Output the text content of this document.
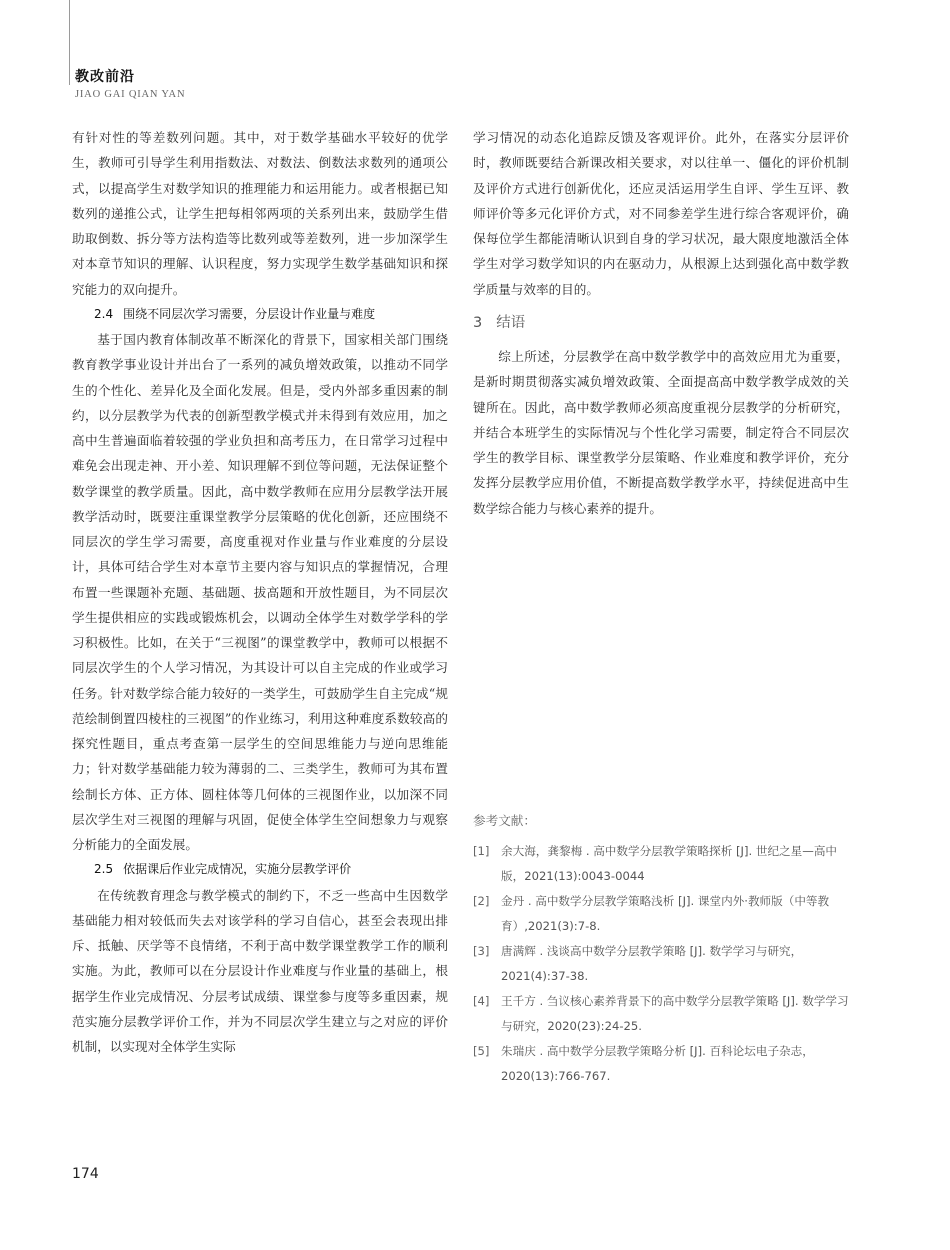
教改前沿
JIAO GAI QIAN YAN

有针对性的等差数列问题。其中，对于数学基础水平较好的优学生，教师可引导学生利用指数法、对数法、倒数法求数列的通项公式，以提高学生对数学知识的推理能力和运用能力。或者根据已知数列的递推公式，让学生把每相邻两项的关系列出来，鼓励学生借助取倒数、拆分等方法构造等比数列或等差数列，进一步加深学生对本章节知识的理解、认识程度，努力实现学生数学基础知识和探究能力的双向提升。

2.4 围绕不同层次学习需要，分层设计作业量与难度

基于国内教育体制改革不断深化的背景下，国家相关部门围绕教育教学事业设计并出台了一系列的减负增效政策，以推动不同学生的个性化、差异化及全面化发展。但是，受内外部多重因素的制约，以分层教学为代表的创新型教学模式并未得到有效应用，加之高中生普遍面临着较强的学业负担和高考压力，在日常学习过程中难免会出现走神、开小差、知识理解不到位等问题，无法保证整个数学课堂的教学质量。因此，高中数学教师在应用分层教学法开展教学活动时，既要注重课堂教学分层策略的优化创新，还应围绕不同层次的学生学习需要，高度重视对作业量与作业难度的分层设计，具体可结合学生对本章节主要内容与知识点的掌握情况，合理布置一些课题补充题、基础题、拔高题和开放性题目，为不同层次学生提供相应的实践或锻炼机会，以调动全体学生对数学学科的学习积极性。比如，在关于“三视图”的课堂教学中，教师可以根据不同层次学生的个人学习情况，为其设计可以自主完成的作业或学习任务。针对数学综合能力较好的一类学生，可鼓励学生自主完成“规范绘制倒置四棱柱的三视图”的作业练习，利用这种难度系数较高的探究性题目，重点考查第一层学生的空间思维能力与逆向思维能力；针对数学基础能力较为薄弱的二、三类学生，教师可为其布置绘制长方体、正方体、圆柱体等几何体的三视图作业，以加深不同层次学生对三视图的理解与巩固，促使全体学生空间想象力与观察分析能力的全面发展。

2.5 依据课后作业完成情况，实施分层教学评价

在传统教育理念与教学模式的制约下，不乏一些高中生因数学基础能力相对较低而失去对该学科的学习自信心，甚至会表现出排斥、抵触、厌学等不良情绪，不利于高中数学课堂教学工作的顺利实施。为此，教师可以在分层设计作业难度与作业量的基础上，根据学生作业完成情况、分层考试成绩、课堂参与度等多重因素，规范实施分层教学评价工作，并为不同层次学生建立与之对应的评价机制，以实现对全体学生实际

学习情况的动态化追踪反馈及客观评价。此外，在落实分层评价时，教师既要结合新课改相关要求，对以往单一、僵化的评价机制及评价方式进行创新优化，还应灵活运用学生自评、学生互评、教师评价等多元化评价方式，对不同参差学生进行综合客观评价，确保每位学生都能清晰认识到自身的学习状况，最大限度地激活全体学生对学习数学知识的内在驱动力，从根源上达到强化高中数学教学质量与效率的目的。

3 结语

综上所述，分层教学在高中数学教学中的高效应用尤为重要，是新时期贯彻落实减负增效政策、全面提高高中数学教学成效的关键所在。因此，高中数学教师必须高度重视分层教学的分析研究，并结合本班学生的实际情况与个性化学习需要，制定符合不同层次学生的教学目标、课堂教学分层策略、作业难度和教学评价，充分发挥分层教学应用价值，不断提高数学教学水平，持续促进高中生数学综合能力与核心素养的提升。

参考文献：
[1] 余大海，龚黎梅 . 高中数学分层教学策略探析 [J]. 世纪之星—高中版，2021(13):0043-0044
[2] 金丹 . 高中数学分层教学策略浅析 [J]. 课堂内外·教师版（中等教育）,2021(3):7-8.
[3] 唐满辉 . 浅谈高中数学分层教学策略 [J]. 数学学习与研究，2021(4):37-38.
[4] 王千方 . 刍议核心素养背景下的高中数学分层教学策略 [J]. 数学学习与研究，2020(23):24-25.
[5] 朱瑞庆 . 高中数学分层教学策略分析 [J]. 百科论坛电子杂志，2020(13):766-767.
174
